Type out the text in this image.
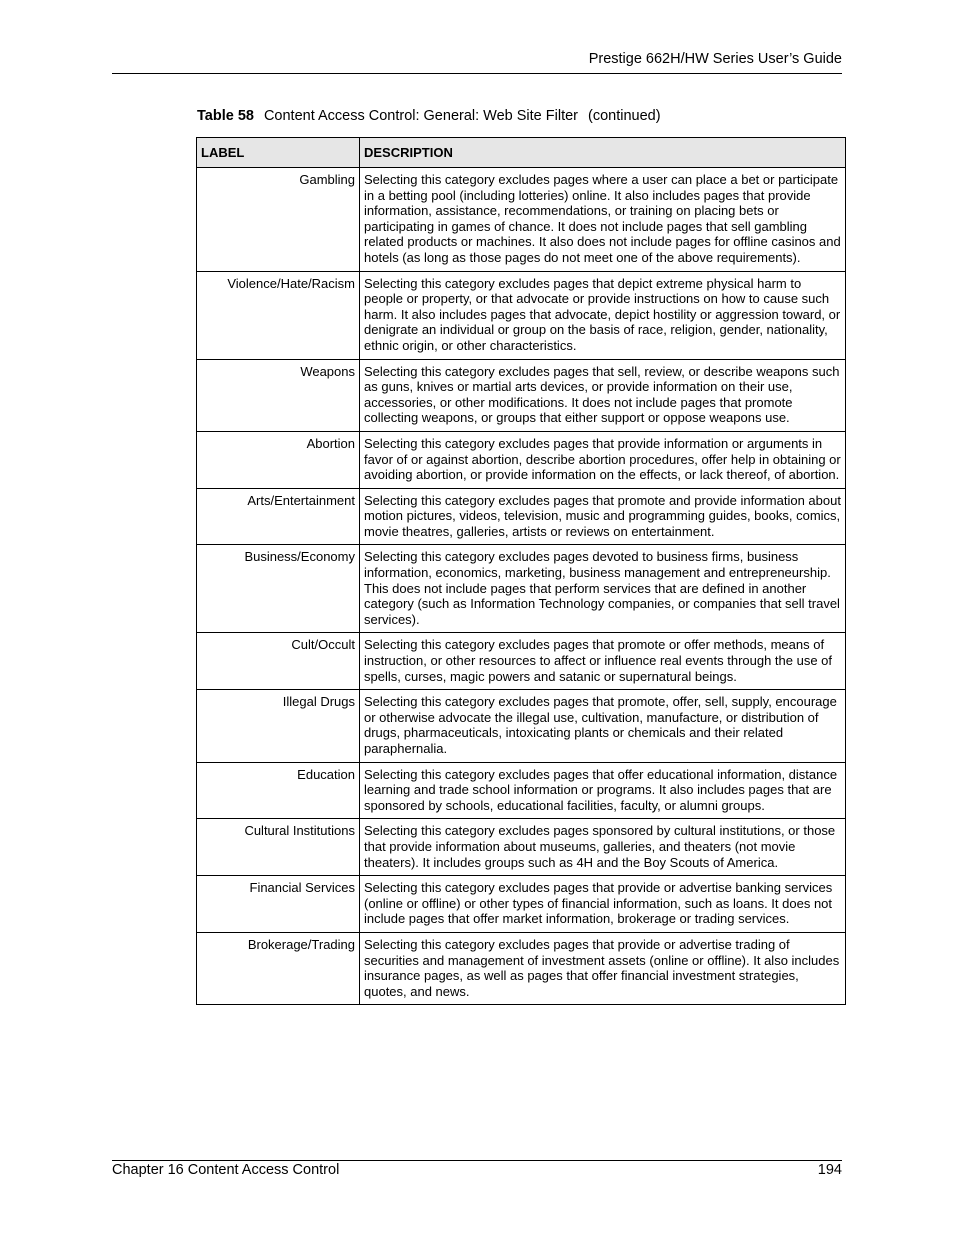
Prestige 662H/HW Series User’s Guide
Table 58 Content Access Control: General: Web Site Filter (continued)
LABEL	DESCRIPTION
Gambling	Selecting this category excludes pages where a user can place a bet or participate in a betting pool (including lotteries) online. It also includes pages that provide information, assistance, recommendations, or training on placing bets or participating in games of chance. It does not include pages that sell gambling related products or machines. It also does not include pages for offline casinos and hotels (as long as those pages do not meet one of the above requirements).
Violence/Hate/Racism	Selecting this category excludes pages that depict extreme physical harm to people or property, or that advocate or provide instructions on how to cause such harm. It also includes pages that advocate, depict hostility or aggression toward, or denigrate an individual or group on the basis of race, religion, gender, nationality, ethnic origin, or other characteristics.
Weapons	Selecting this category excludes pages that sell, review, or describe weapons such as guns, knives or martial arts devices, or provide information on their use, accessories, or other modifications. It does not include pages that promote collecting weapons, or groups that either support or oppose weapons use.
Abortion	Selecting this category excludes pages that provide information or arguments in favor of or against abortion, describe abortion procedures, offer help in obtaining or avoiding abortion, or provide information on the effects, or lack thereof, of abortion.
Arts/Entertainment	Selecting this category excludes pages that promote and provide information about motion pictures, videos, television, music and programming guides, books, comics, movie theatres, galleries, artists or reviews on entertainment.
Business/Economy	Selecting this category excludes pages devoted to business firms, business information, economics, marketing, business management and entrepreneurship. This does not include pages that perform services that are defined in another category (such as Information Technology companies, or companies that sell travel services).
Cult/Occult	Selecting this category excludes pages that promote or offer methods, means of instruction, or other resources to affect or influence real events through the use of spells, curses, magic powers and satanic or supernatural beings.
Illegal Drugs	Selecting this category excludes pages that promote, offer, sell, supply, encourage or otherwise advocate the illegal use, cultivation, manufacture, or distribution of drugs, pharmaceuticals, intoxicating plants or chemicals and their related paraphernalia.
Education	Selecting this category excludes pages that offer educational information, distance learning and trade school information or programs. It also includes pages that are sponsored by schools, educational facilities, faculty, or alumni groups.
Cultural Institutions	Selecting this category excludes pages sponsored by cultural institutions, or those that provide information about museums, galleries, and theaters (not movie theaters). It includes groups such as 4H and the Boy Scouts of America.
Financial Services	Selecting this category excludes pages that provide or advertise banking services (online or offline) or other types of financial information, such as loans. It does not include pages that offer market information, brokerage or trading services.
Brokerage/Trading	Selecting this category excludes pages that provide or advertise trading of securities and management of investment assets (online or offline). It also includes insurance pages, as well as pages that offer financial investment strategies, quotes, and news.
Chapter 16 Content Access Control	194
